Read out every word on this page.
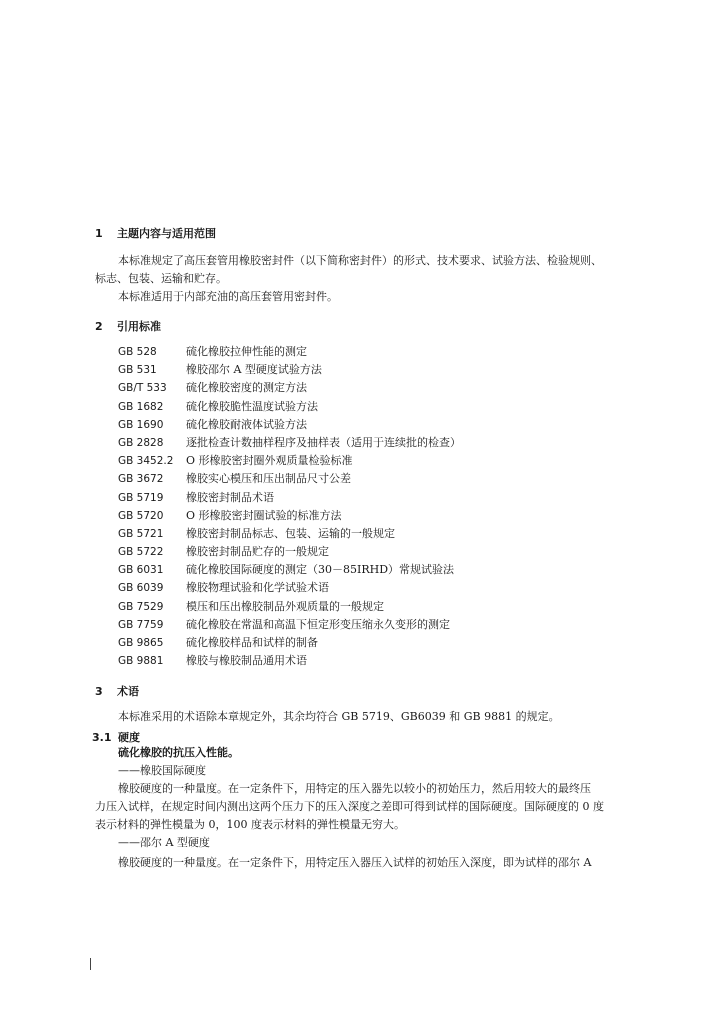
1 主题内容与适用范围
本标准规定了高压套管用橡胶密封件（以下简称密封件）的形式、技术要求、试验方法、检验规则、
标志、包装、运输和贮存。
本标准适用于内部充油的高压套管用密封件。
2 引用标准
GB 528	硫化橡胶拉伸性能的测定
GB 531	橡胶邵尔 A 型硬度试验方法
GB/T 533 硫化橡胶密度的测定方法
GB 1682 硫化橡胶脆性温度试验方法
GB 1690 硫化橡胶耐液体试验方法
GB 2828 逐批检查计数抽样程序及抽样表（适用于连续批的检查）
GB 3452.2 O 形橡胶密封圈外观质量检验标准
GB 3672 橡胶实心模压和压出制品尺寸公差
GB 5719 橡胶密封制品术语
GB 5720 O 形橡胶密封圈试验的标准方法
GB 5721 橡胶密封制品标志、包装、运输的一般规定
GB 5722 橡胶密封制品贮存的一般规定
GB 6031 硫化橡胶国际硬度的测定（30－85IRHD）常规试验法
GB 6039 橡胶物理试验和化学试验术语
GB 7529 模压和压出橡胶制品外观质量的一般规定
GB 7759 硫化橡胶在常温和高温下恒定形变压缩永久变形的测定
GB 9865 硫化橡胶样品和试样的制备
GB 9881 橡胶与橡胶制品通用术语
3 术语
本标准采用的术语除本章规定外，其余均符合 GB 5719、GB6039 和 GB 9881 的规定。
3.1 硬度
硫化橡胶的抗压入性能。
——橡胶国际硬度
橡胶硬度的一种量度。在一定条件下，用特定的压入器先以较小的初始压力，然后用较大的最终压
力压入试样，在规定时间内测出这两个压力下的压入深度之差即可得到试样的国际硬度。国际硬度的 0 度
表示材料的弹性模量为 0，100 度表示材料的弹性模量无穷大。
——邵尔 A 型硬度
橡胶硬度的一种量度。在一定条件下，用特定压入器压入试样的初始压入深度，即为试样的邵尔 A
